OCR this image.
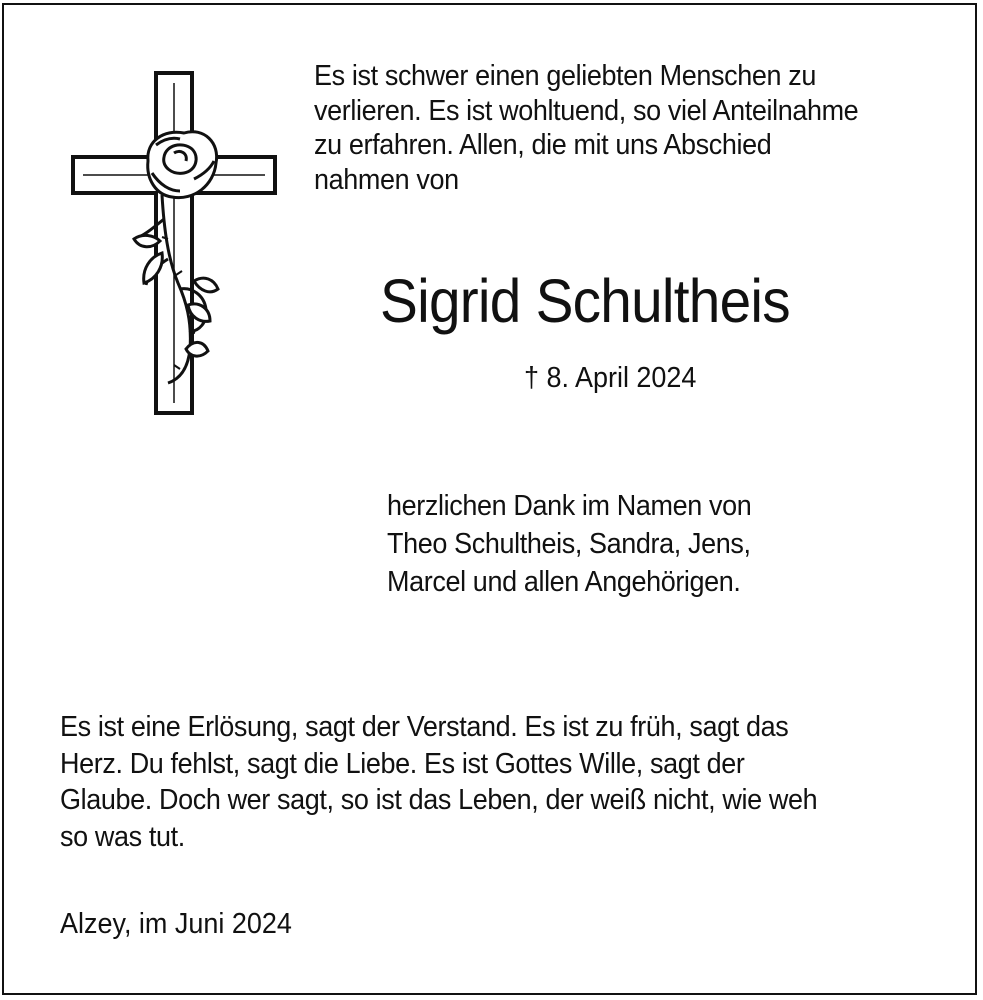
Es ist schwer einen geliebten Menschen zu
verlieren. Es ist wohltuend, so viel Anteilnahme
zu erfahren. Allen, die mit uns Abschied
nahmen von
Sigrid Schultheis
† 8. April 2024
herzlichen Dank im Namen von
Theo Schultheis, Sandra, Jens,
Marcel und allen Angehörigen.
Es ist eine Erlösung, sagt der Verstand. Es ist zu früh, sagt das
Herz. Du fehlst, sagt die Liebe. Es ist Gottes Wille, sagt der
Glaube. Doch wer sagt, so ist das Leben, der weiß nicht, wie weh
so was tut.
Alzey, im Juni 2024
